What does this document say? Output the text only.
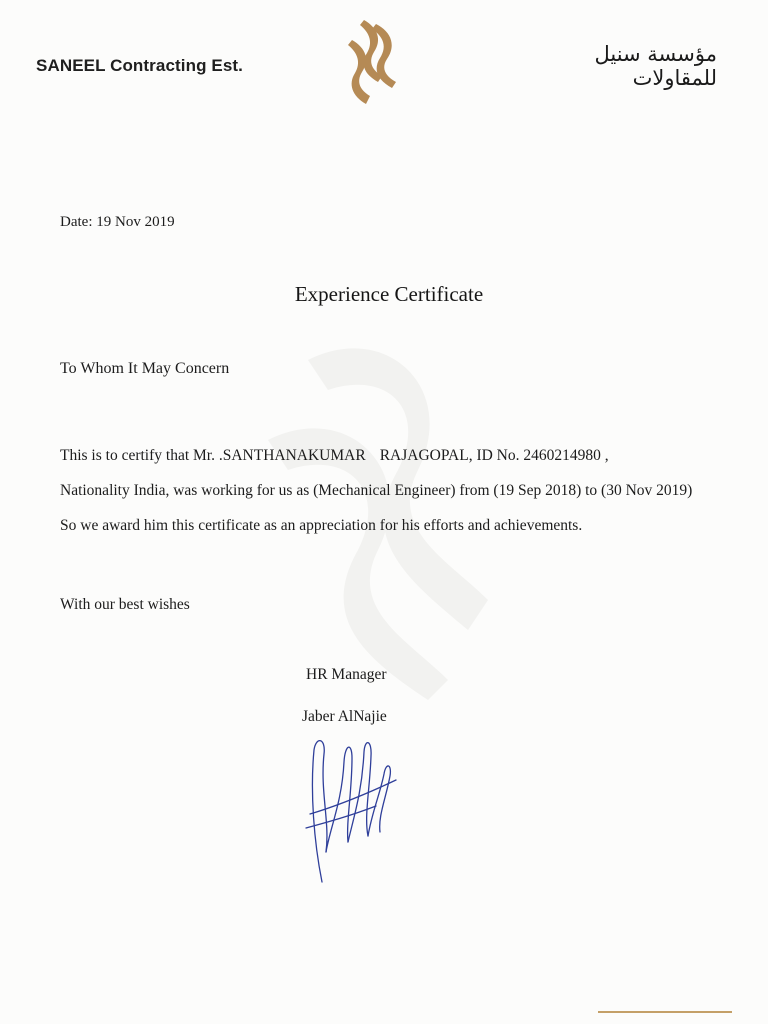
SANEEL Contracting Est.	مؤسسة سنيل للمقاولات
Date: 19 Nov 2019
Experience Certificate
To Whom It May Concern

This is to certify that Mr. .SANTHANAKUMAR RAJAGOPAL, ID No. 2460214980 ,

Nationality India, was working for us as (Mechanical Engineer) from (19 Sep 2018) to (30 Nov 2019)

So we award him this certificate as an appreciation for his efforts and achievements.

With our best wishes
HR Manager
Jaber AlNajie
